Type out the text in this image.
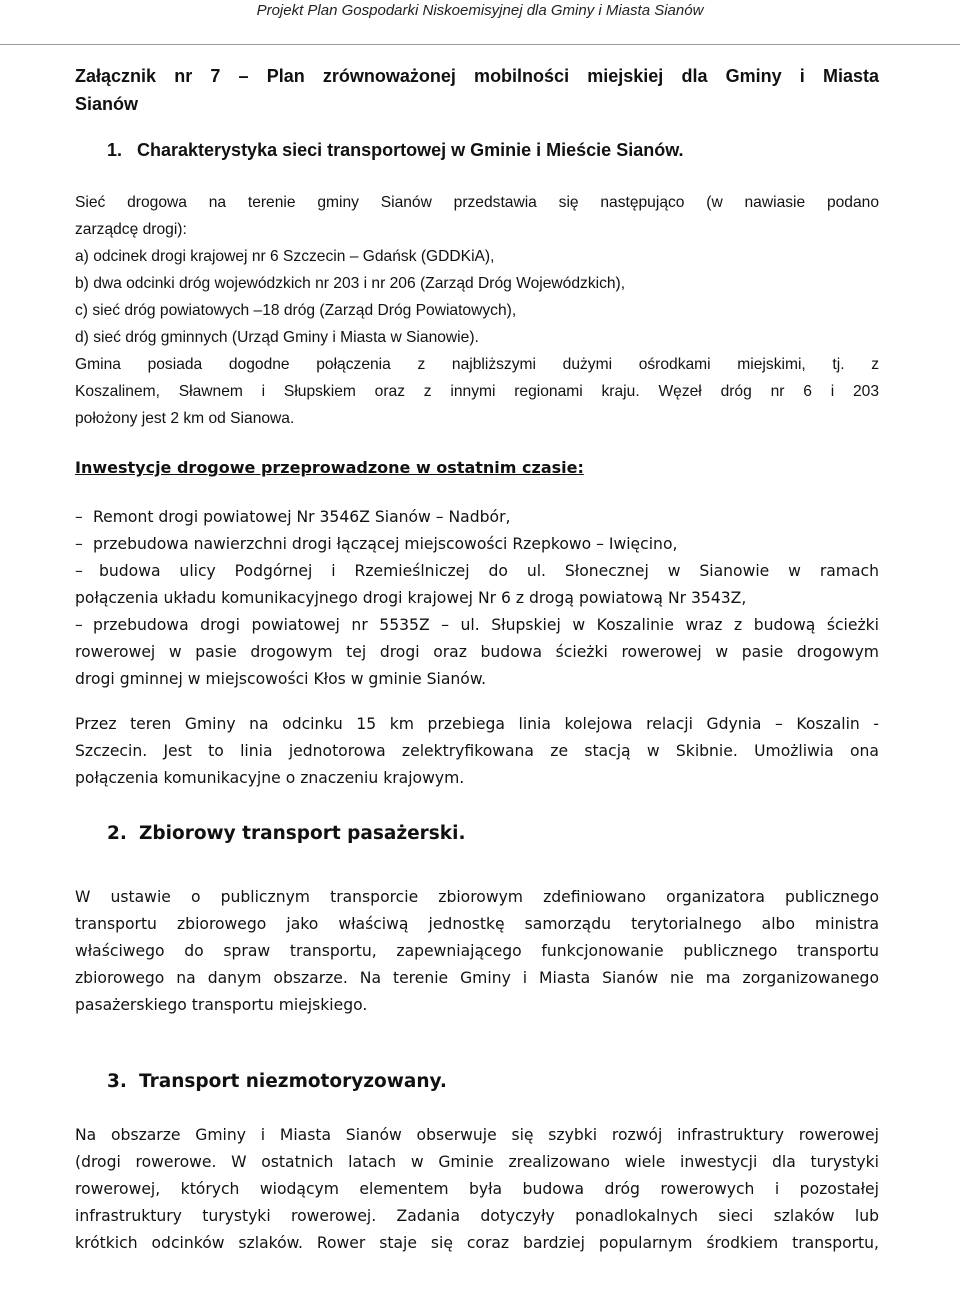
Projekt Plan Gospodarki Niskoemisyjnej dla Gminy i Miasta Sianów
Załącznik nr 7 – Plan zrównoważonej mobilności miejskiej dla Gminy i Miasta
Sianów
1. Charakterystyka sieci transportowej w Gminie i Mieście Sianów.
Sieć drogowa na terenie gminy Sianów przedstawia się następująco (w nawiasie podano
zarządcę drogi):
a) odcinek drogi krajowej nr 6 Szczecin – Gdańsk (GDDKiA),
b) dwa odcinki dróg wojewódzkich nr 203 i nr 206 (Zarząd Dróg Wojewódzkich),
c) sieć dróg powiatowych –18 dróg (Zarząd Dróg Powiatowych),
d) sieć dróg gminnych (Urząd Gminy i Miasta w Sianowie).
Gmina posiada dogodne połączenia z najbliższymi dużymi ośrodkami miejskimi, tj. z
Koszalinem, Sławnem i Słupskiem oraz z innymi regionami kraju. Węzeł dróg nr 6 i 203
położony jest 2 km od Sianowa.
Inwestycje drogowe przeprowadzone w ostatnim czasie:
– Remont drogi powiatowej Nr 3546Z Sianów – Nadbór,
– przebudowa nawierzchni drogi łączącej miejscowości Rzepkowo – Iwięcino,
–	budowa ulicy Podgórnej i Rzemieślniczej do ul. Słonecznej w Sianowie w ramach
połączenia układu komunikacyjnego drogi krajowej Nr 6 z drogą powiatową Nr 3543Z,
– przebudowa drogi powiatowej nr 5535Z – ul. Słupskiej w Koszalinie wraz z budową ścieżki
rowerowej w pasie drogowym tej drogi oraz budowa ścieżki rowerowej w pasie drogowym
drogi gminnej w miejscowości Kłos w gminie Sianów.
Przez teren Gminy na odcinku 15 km przebiega linia kolejowa relacji Gdynia – Koszalin -
Szczecin. Jest to linia jednotorowa zelektryfikowana ze stacją w Skibnie. Umożliwia ona
połączenia komunikacyjne o znaczeniu krajowym.
2. Zbiorowy transport pasażerski.
W ustawie o publicznym transporcie zbiorowym zdefiniowano organizatora publicznego
transportu zbiorowego jako właściwą jednostkę samorządu terytorialnego albo ministra
właściwego do spraw transportu, zapewniającego funkcjonowanie publicznego transportu
zbiorowego na danym obszarze. Na terenie Gminy i Miasta Sianów nie ma zorganizowanego
pasażerskiego transportu miejskiego.
3. Transport niezmotoryzowany.
Na obszarze Gminy i Miasta Sianów obserwuje się szybki rozwój infrastruktury rowerowej
(drogi rowerowe. W ostatnich latach w Gminie zrealizowano wiele inwestycji dla turystyki
rowerowej, których wiodącym elementem była budowa dróg rowerowych i pozostałej
infrastruktury turystyki rowerowej. Zadania dotyczyły ponadlokalnych sieci szlaków lub
krótkich odcinków szlaków. Rower staje się coraz bardziej popularnym środkiem transportu,
